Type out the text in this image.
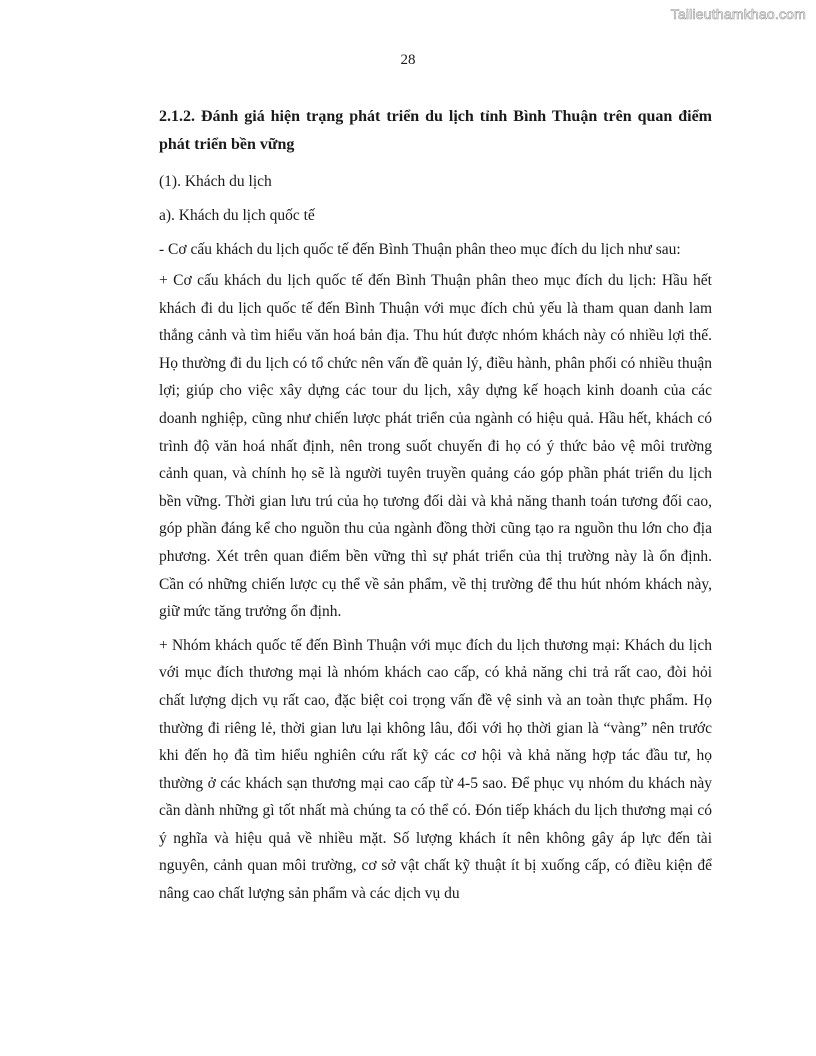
Tailieuthamkhao.com
28

2.1.2. Đánh giá hiện trạng phát triển du lịch tỉnh Bình Thuận trên quan điểm phát triển bền vững

(1). Khách du lịch

a). Khách du lịch quốc tế

- Cơ cấu khách du lịch quốc tế đến Bình Thuận phân theo mục đích du lịch như sau:

+ Cơ cấu khách du lịch quốc tế đến Bình Thuận phân theo mục đích du lịch: Hầu hết khách đi du lịch quốc tế đến Bình Thuận với mục đích chủ yếu là tham quan danh lam thắng cảnh và tìm hiểu văn hoá bản địa. Thu hút được nhóm khách này có nhiều lợi thế. Họ thường đi du lịch có tổ chức nên vấn đề quản lý, điều hành, phân phối có nhiều thuận lợi; giúp cho việc xây dựng các tour du lịch, xây dựng kế hoạch kinh doanh của các doanh nghiệp, cũng như chiến lược phát triển của ngành có hiệu quả. Hầu hết, khách có trình độ văn hoá nhất định, nên trong suốt chuyến đi họ có ý thức bảo vệ môi trường cảnh quan, và chính họ sẽ là người tuyên truyền quảng cáo góp phần phát triển du lịch bền vững. Thời gian lưu trú của họ tương đối dài và khả năng thanh toán tương đối cao, góp phần đáng kể cho nguồn thu của ngành đồng thời cũng tạo ra nguồn thu lớn cho địa phương. Xét trên quan điểm bền vững thì sự phát triển của thị trường này là ổn định. Cần có những chiến lược cụ thể về sản phẩm, về thị trường để thu hút nhóm khách này, giữ mức tăng trưởng ổn định.

+ Nhóm khách quốc tế đến Bình Thuận với mục đích du lịch thương mại: Khách du lịch với mục đích thương mại là nhóm khách cao cấp, có khả năng chi trả rất cao, đòi hỏi chất lượng dịch vụ rất cao, đặc biệt coi trọng vấn đề vệ sinh và an toàn thực phẩm. Họ thường đi riêng lẻ, thời gian lưu lại không lâu, đối với họ thời gian là “vàng” nên trước khi đến họ đã tìm hiểu nghiên cứu rất kỹ các cơ hội và khả năng hợp tác đầu tư, họ thường ở các khách sạn thương mại cao cấp từ 4-5 sao. Để phục vụ nhóm du khách này cần dành những gì tốt nhất mà chúng ta có thể có. Đón tiếp khách du lịch thương mại có ý nghĩa và hiệu quả về nhiều mặt. Số lượng khách ít nên không gây áp lực đến tài nguyên, cảnh quan môi trường, cơ sở vật chất kỹ thuật ít bị xuống cấp, có điều kiện để nâng cao chất lượng sản phẩm và các dịch vụ du
